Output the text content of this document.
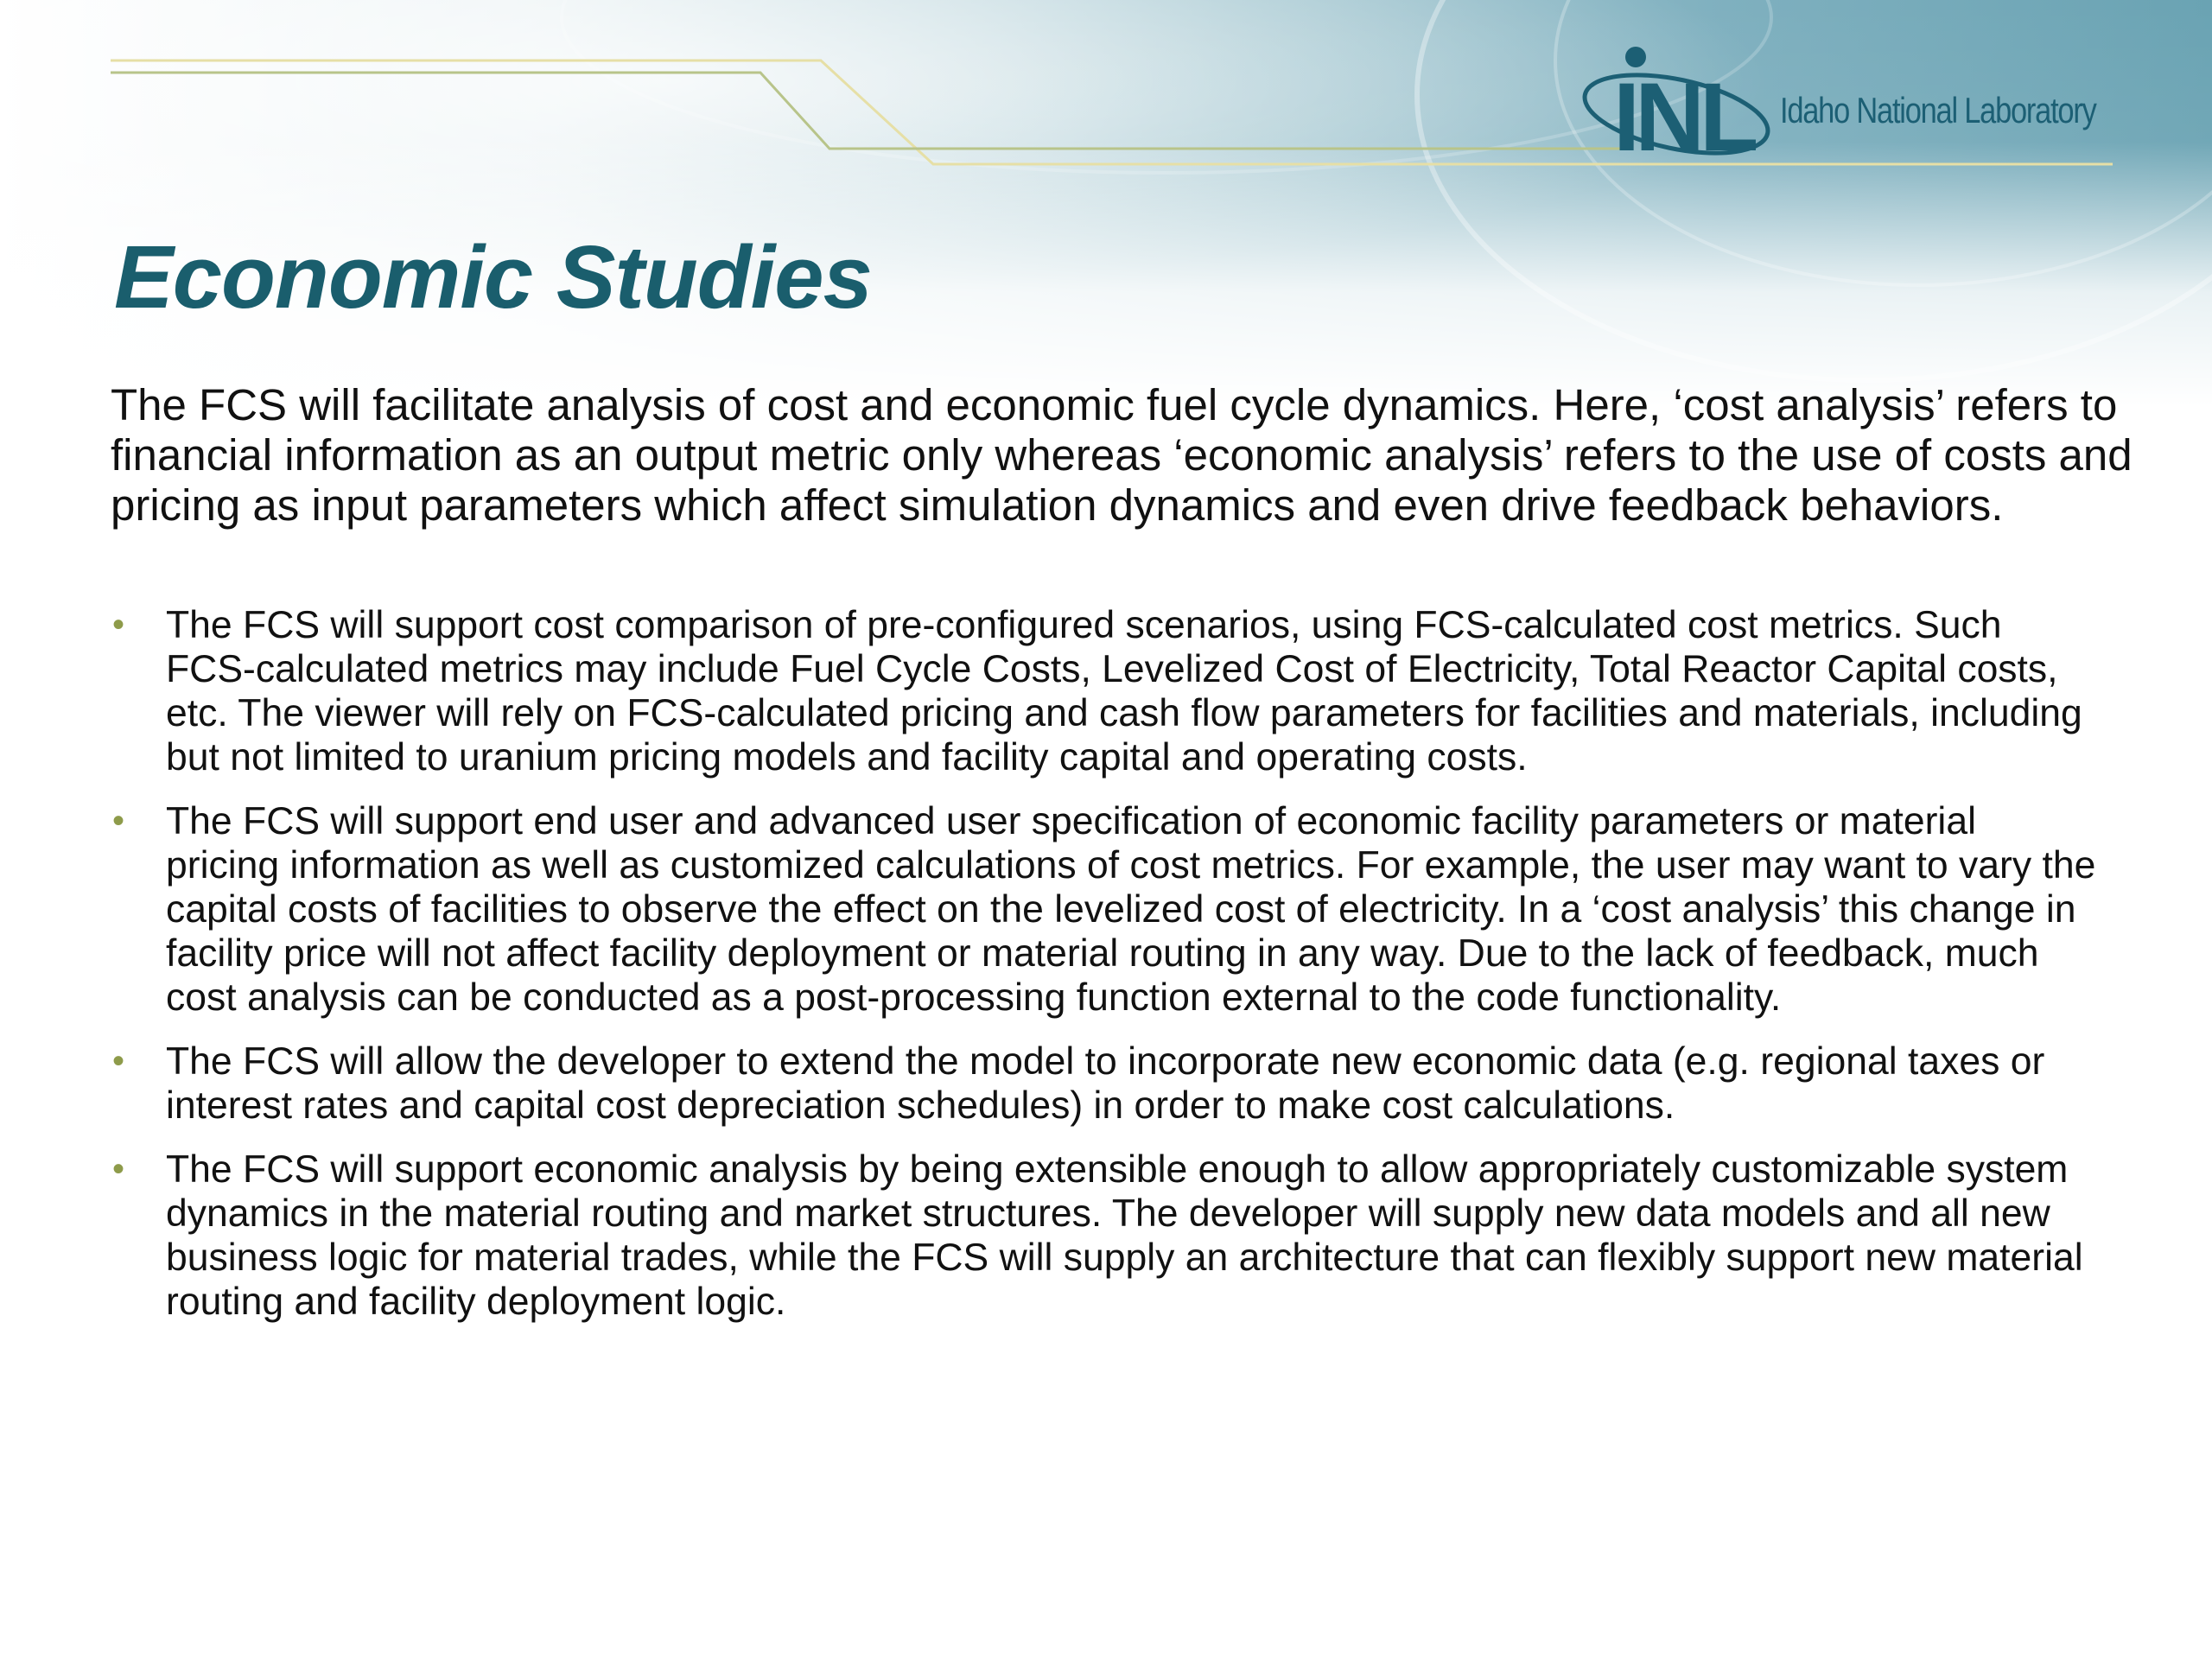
INL Idaho National Laboratory
Economic Studies

The FCS will facilitate analysis of cost and economic fuel cycle dynamics. Here, ‘cost analysis’ refers to financial information as an output metric only whereas ‘economic analysis’ refers to the use of costs and pricing as input parameters which affect simulation dynamics and even drive feedback behaviors.

• The FCS will support cost comparison of pre-configured scenarios, using FCS-calculated cost metrics. Such FCS-calculated metrics may include Fuel Cycle Costs, Levelized Cost of Electricity, Total Reactor Capital costs, etc. The viewer will rely on FCS-calculated pricing and cash flow parameters for facilities and materials, including but not limited to uranium pricing models and facility capital and operating costs.
• The FCS will support end user and advanced user specification of economic facility parameters or material pricing information as well as customized calculations of cost metrics. For example, the user may want to vary the capital costs of facilities to observe the effect on the levelized cost of electricity. In a ‘cost analysis’ this change in facility price will not affect facility deployment or material routing in any way. Due to the lack of feedback, much cost analysis can be conducted as a post-processing function external to the code functionality.
• The FCS will allow the developer to extend the model to incorporate new economic data (e.g. regional taxes or interest rates and capital cost depreciation schedules) in order to make cost calculations.
• The FCS will support economic analysis by being extensible enough to allow appropriately customizable system dynamics in the material routing and market structures. The developer will supply new data models and all new business logic for material trades, while the FCS will supply an architecture that can flexibly support new material routing and facility deployment logic.
